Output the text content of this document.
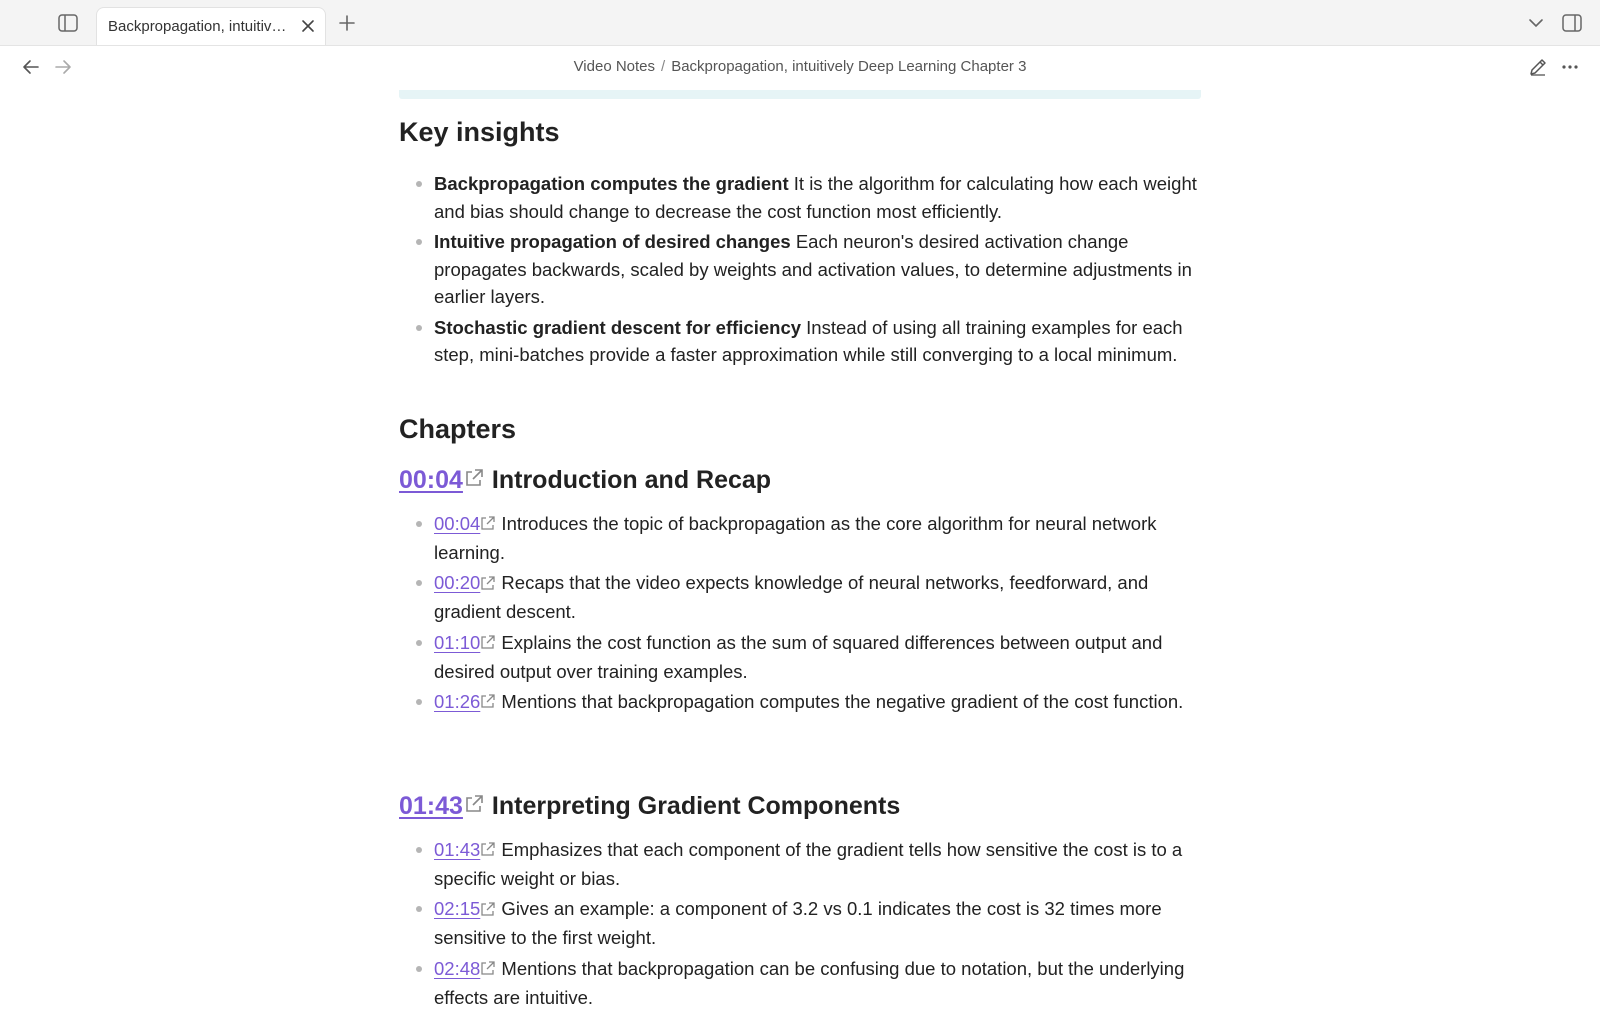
Backpropagation, intuitiv…
Video Notes / Backpropagation, intuitively Deep Learning Chapter 3
Key insights
Backpropagation computes the gradient It is the algorithm for calculating how each weight and bias should change to decrease the cost function most efficiently.
Intuitive propagation of desired changes Each neuron's desired activation change propagates backwards, scaled by weights and activation values, to determine adjustments in earlier layers.
Stochastic gradient descent for efficiency Instead of using all training examples for each step, mini-batches provide a faster approximation while still converging to a local minimum.
Chapters
00:04 Introduction and Recap
00:04 Introduces the topic of backpropagation as the core algorithm for neural network learning.
00:20 Recaps that the video expects knowledge of neural networks, feedforward, and gradient descent.
01:10 Explains the cost function as the sum of squared differences between output and desired output over training examples.
01:26 Mentions that backpropagation computes the negative gradient of the cost function.
01:43 Interpreting Gradient Components
01:43 Emphasizes that each component of the gradient tells how sensitive the cost is to a specific weight or bias.
02:15 Gives an example: a component of 3.2 vs 0.1 indicates the cost is 32 times more sensitive to the first weight.
02:48 Mentions that backpropagation can be confusing due to notation, but the underlying effects are intuitive.
